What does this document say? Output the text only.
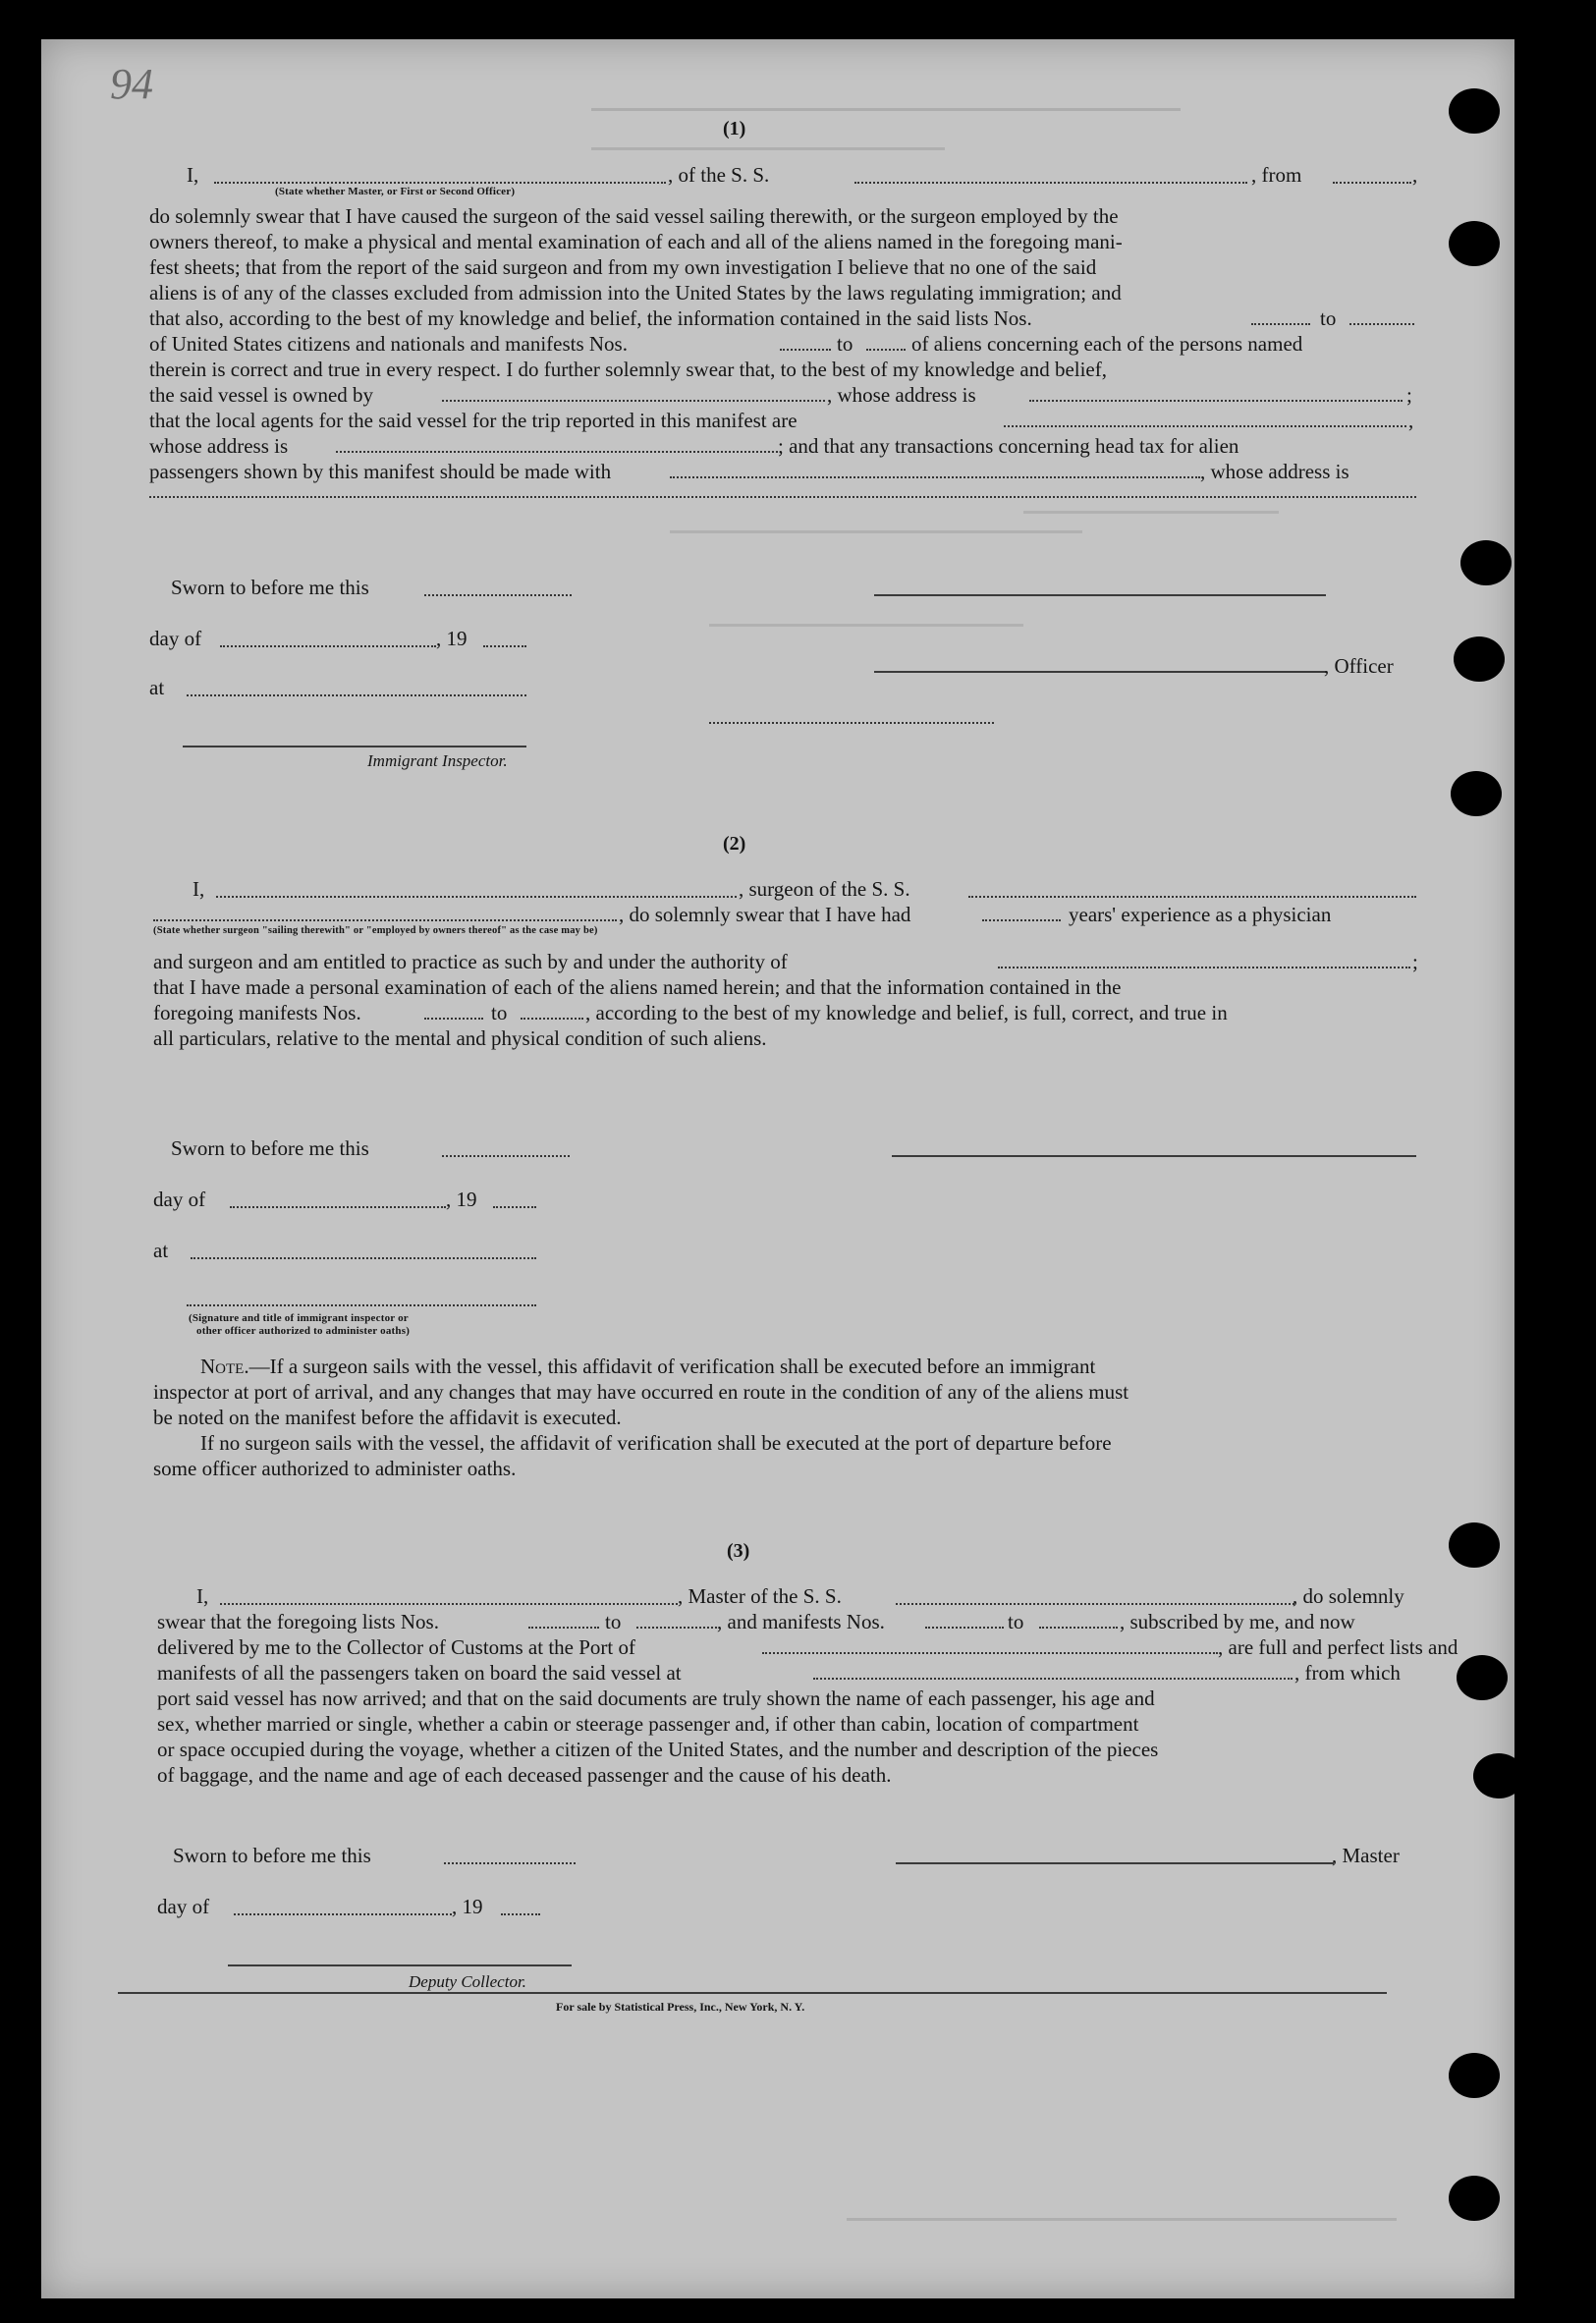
94
(1)
I,	, of the S. S.	, from	,
(State whether Master, or First or Second Officer)
do solemnly swear that I have caused the surgeon of the said vessel sailing therewith, or the surgeon employed by the
owners thereof, to make a physical and mental examination of each and all of the aliens named in the foregoing mani-
fest sheets; that from the report of the said surgeon and from my own investigation I believe that no one of the said
aliens is of any of the classes excluded from admission into the United States by the laws regulating immigration; and
that also, according to the best of my knowledge and belief, the information contained in the said lists Nos.	to
of United States citizens and nationals and manifests Nos.	to	of aliens concerning each of the persons named
therein is correct and true in every respect. I do further solemnly swear that, to the best of my knowledge and belief,
the said vessel is owned by	, whose address is	;
that the local agents for the said vessel for the trip reported in this manifest are	,
whose address is	; and that any transactions concerning head tax for alien
passengers shown by this manifest should be made with	, whose address is
Sworn to before me this
day of	, 19
, Officer
at
Immigrant Inspector.
(2)
I,	, surgeon of the S. S.
, do solemnly swear that I have had	years' experience as a physician
(State whether surgeon "sailing therewith" or "employed by owners thereof" as the case may be)
and surgeon and am entitled to practice as such by and under the authority of	;
that I have made a personal examination of each of the aliens named herein; and that the information contained in the
foregoing manifests Nos.	to	, according to the best of my knowledge and belief, is full, correct, and true in
all particulars, relative to the mental and physical condition of such aliens.
Sworn to before me this
day of	, 19
at
(Signature and title of immigrant inspector or
other officer authorized to administer oaths)
Note.—If a surgeon sails with the vessel, this affidavit of verification shall be executed before an immigrant
inspector at port of arrival, and any changes that may have occurred en route in the condition of any of the aliens must
be noted on the manifest before the affidavit is executed.
If no surgeon sails with the vessel, the affidavit of verification shall be executed at the port of departure before
some officer authorized to administer oaths.
(3)
I,	, Master of the S. S.	, do solemnly
swear that the foregoing lists Nos.	to	, and manifests Nos.	to	, subscribed by me, and now
delivered by me to the Collector of Customs at the Port of	, are full and perfect lists and
manifests of all the passengers taken on board the said vessel at	, from which
port said vessel has now arrived; and that on the said documents are truly shown the name of each passenger, his age and
sex, whether married or single, whether a cabin or steerage passenger and, if other than cabin, location of compartment
or space occupied during the voyage, whether a citizen of the United States, and the number and description of the pieces
of baggage, and the name and age of each deceased passenger and the cause of his death.
Sworn to before me this	, Master
day of	, 19
Deputy Collector.
For sale by Statistical Press, Inc., New York, N. Y.
